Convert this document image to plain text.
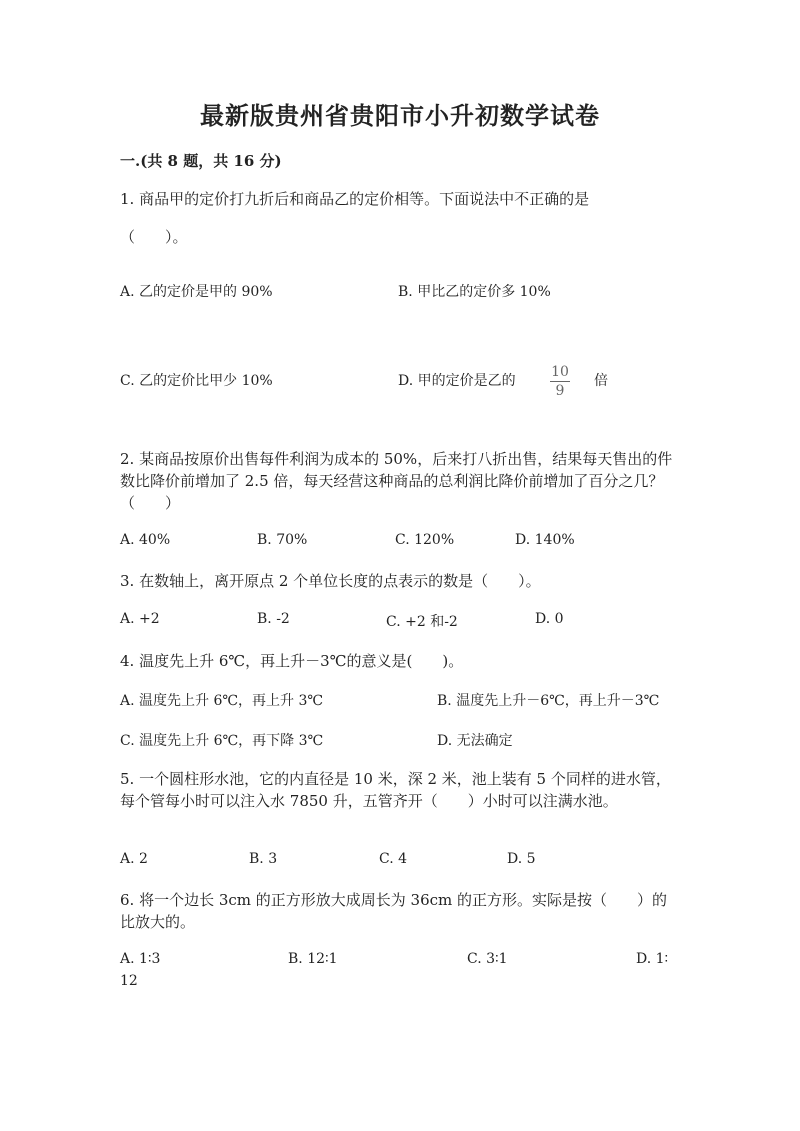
最新版贵州省贵阳市小升初数学试卷
一.(共 8 题，共 16 分)
1. 商品甲的定价打九折后和商品乙的定价相等。下面说法中不正确的是
（　　）。
A. 乙的定价是甲的 90%	B. 甲比乙的定价多 10%
C. 乙的定价比甲少 10%	D. 甲的定价是乙的 $\frac{10}{9}$ 倍
2. 某商品按原价出售每件利润为成本的 50%，后来打八折出售，结果每天售出的件数比降价前增加了 2.5 倍，每天经营这种商品的总利润比降价前增加了百分之几？（　　）
A. 40%	B. 70%	C. 120%	D. 140%
3. 在数轴上，离开原点 2 个单位长度的点表示的数是（　　）。
A. +2	B. -2	C. +2 和-2	D. 0
4. 温度先上升 6℃，再上升－3℃的意义是(　　)。
A. 温度先上升 6℃，再上升 3℃	B. 温度先上升－6℃，再上升－3℃
C. 温度先上升 6℃，再下降 3℃	D. 无法确定
5. 一个圆柱形水池，它的内直径是 10 米，深 2 米，池上装有 5 个同样的进水管，每个管每小时可以注入水 7850 升，五管齐开（　　）小时可以注满水池。
A. 2	B. 3	C. 4	D. 5
6. 将一个边长 3cm 的正方形放大成周长为 36cm 的正方形。实际是按（　　）的比放大的。
A. 1∶3	B. 12∶1	C. 3∶1	D. 1∶
12
